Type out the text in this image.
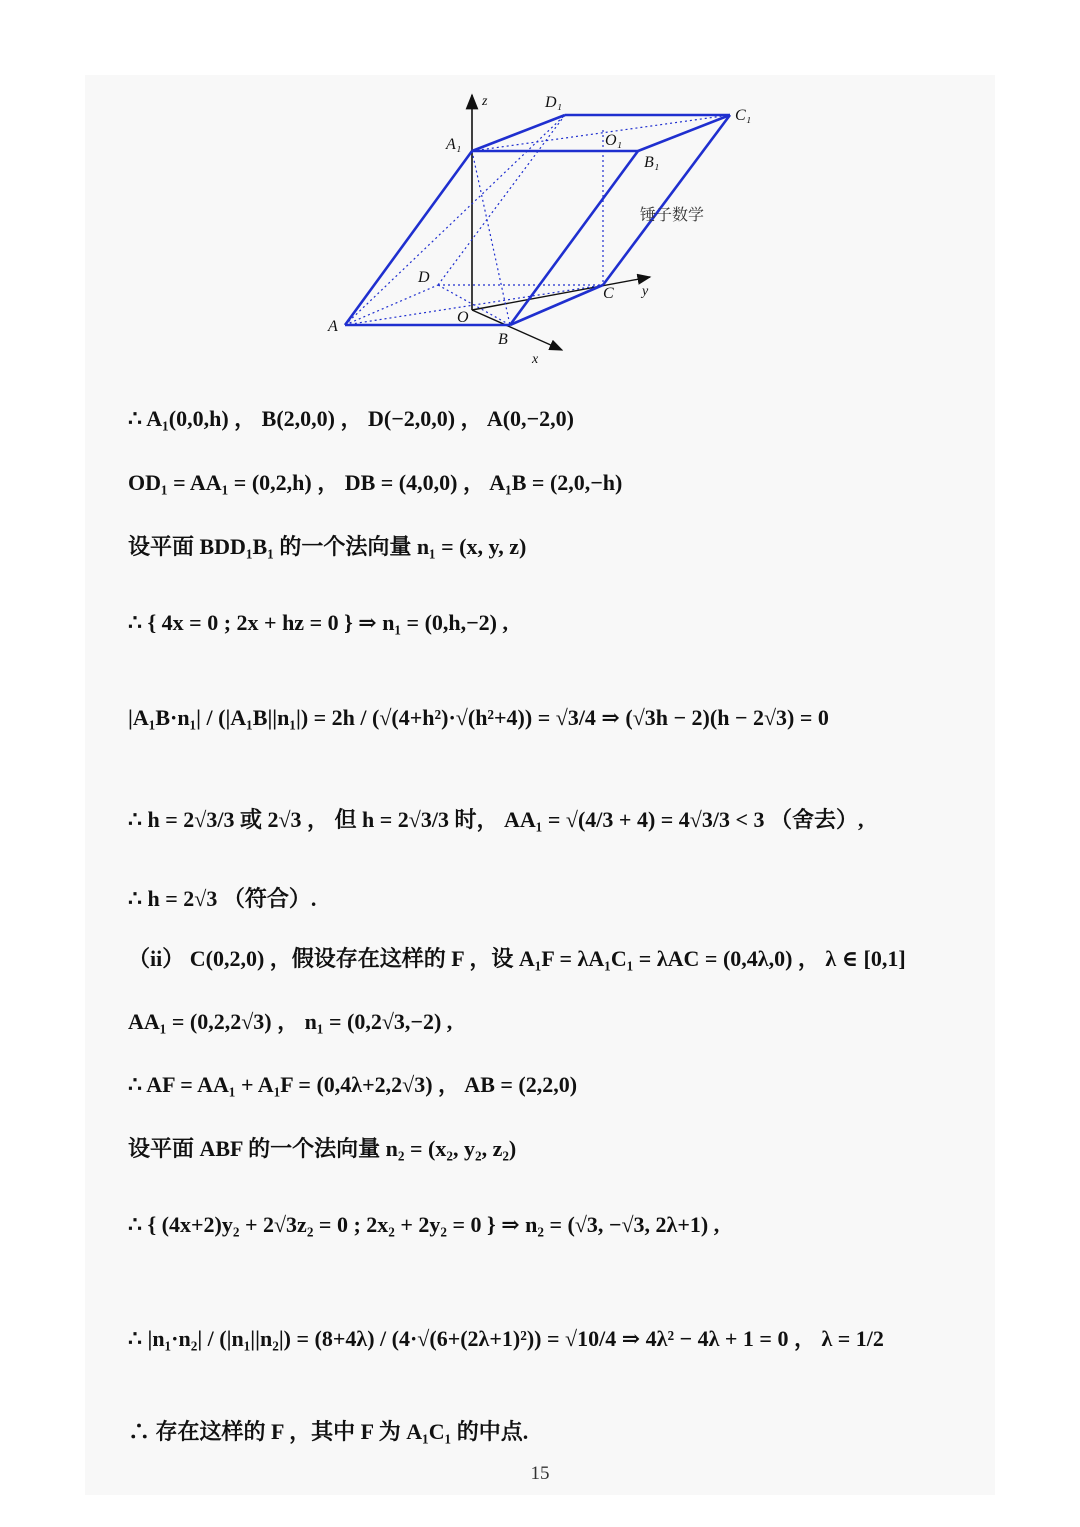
z	D₁
C₁
A₁	O₁
B₁
锤子数学
D
C y
A
O
B
x
∴ A₁(0,0,h) ， B(2,0,0) ， D(−2,0,0) ， A(0,−2,0)
OD₁ = AA₁ = (0,2,h) ， DB = (4,0,0) ， A₁B = (2,0,−h)
设平面 BDD₁B₁ 的一个法向量 n₁ = (x, y, z)
∴ { 4x = 0 ; 2x + hz = 0 } ⇒ n₁ = (0,h,−2) ,
|A₁B·n₁| / (|A₁B||n₁|) = 2h / (√(4+h²)·√(h²+4)) = √3/4 ⇒ (√3h − 2)(h − 2√3) = 0
∴ h = 2√3/3 或 2√3 ， 但 h = 2√3/3 时， AA₁ = √(4/3 + 4) = 4√3/3 < 3 （舍去）,
∴ h = 2√3 （符合）.
（ii） C(0,2,0) ，假设存在这样的 F ，设 A₁F = λA₁C₁ = λAC = (0,4λ,0) ， λ ∈ [0,1]
AA₁ = (0,2,2√3) ， n₁ = (0,2√3,−2) ,
∴ AF = AA₁ + A₁F = (0,4λ+2,2√3) ， AB = (2,2,0)
设平面 ABF 的一个法向量 n₂ = (x₂, y₂, z₂)
∴ { (4x+2)y₂ + 2√3z₂ = 0 ; 2x₂ + 2y₂ = 0 } ⇒ n₂ = (√3, −√3, 2λ+1) ,
∴ |n₁·n₂| / (|n₁||n₂|) = (8+4λ) / (4·√(6+(2λ+1)²)) = √10/4 ⇒ 4λ² − 4λ + 1 = 0 ， λ = 1/2
∴ 存在这样的 F ，其中 F 为 A₁C₁ 的中点.
15
